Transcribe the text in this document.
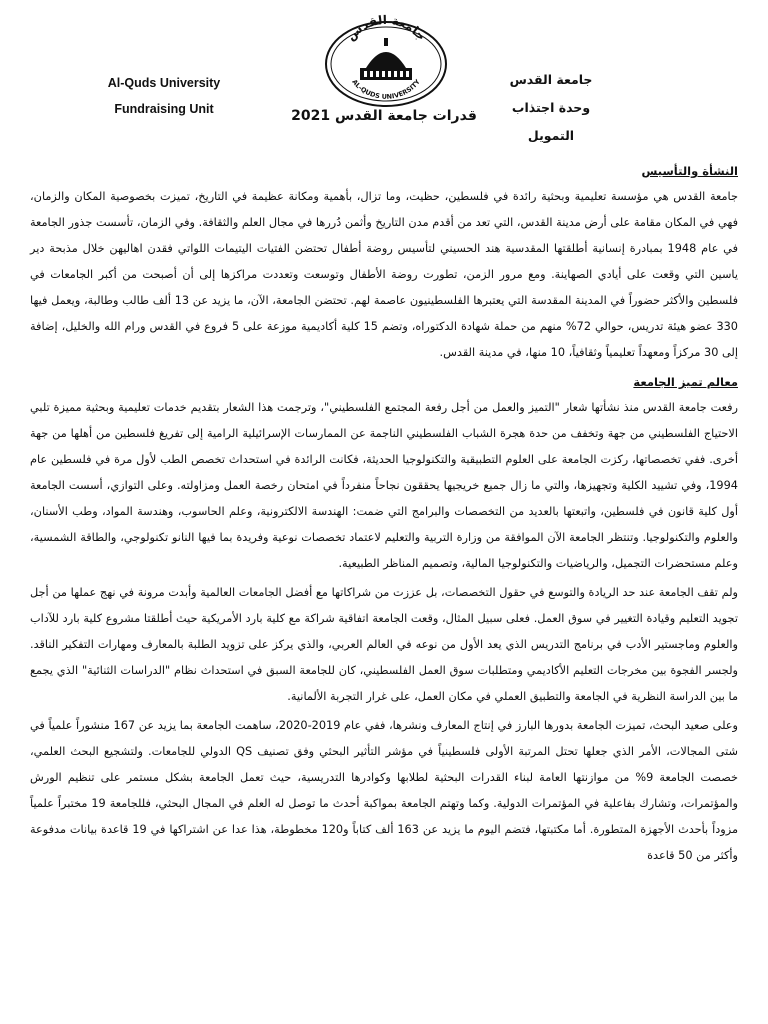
Al-Quds University
Fundraising Unit
جامعة القدس
AL-QUDS UNIVERSITY	جامعة القدس
وحدة اجتذاب التمويل
قدرات جامعة القدس 2021
النشأة والتأسيس

جامعة القدس هي مؤسسة تعليمية وبحثية رائدة في فلسطين، حظيت، وما تزال، بأهمية ومكانة عظيمة في التاريخ، تميزت بخصوصية المكان والزمان، فهي في المكان مقامة على أرض مدينة القدس، التي تعد من أقدم مدن التاريخ وأثمن دُررها في مجال العلم والثقافة. وفي الزمان، تأسست جذور الجامعة في عام 1948 بمبادرة إنسانية أطلقتها المقدسية هند الحسيني لتأسيس روضة أطفال تحتضن الفتيات اليتيمات اللواتي فقدن اهاليهن خلال مذبحة دير ياسين التي وقعت على أيادي الصهاينة. ومع مرور الزمن، تطورت روضة الأطفال وتوسعت وتعددت مراكزها إلى أن أصبحت من أكبر الجامعات في فلسطين والأكثر حضوراً في المدينة المقدسة التي يعتبرها الفلسطينيون عاصمة لهم. تحتضن الجامعة، الآن، ما يزيد عن 13 ألف طالب وطالبة، ويعمل فيها 330 عضو هيئة تدريس، حوالي 72% منهم من حملة شهادة الدكتوراه، وتضم 15 كلية أكاديمية موزعة على 5 فروع في القدس ورام الله والخليل، إضافة إلى 30 مركزاً ومعهداً تعليمياً وثقافياً، 10 منها، في مدينة القدس.

معالم تميز الجامعة

رفعت جامعة القدس منذ نشأتها شعار "التميز والعمل من أجل رفعة المجتمع الفلسطيني"، وترجمت هذا الشعار بتقديم خدمات تعليمية وبحثية مميزة تلبي الاحتياج الفلسطيني من جهة وتخفف من حدة هجرة الشباب الفلسطيني الناجمة عن الممارسات الإسرائيلية الرامية إلى تفريغ فلسطين من أهلها من جهة أخرى. ففي تخصصاتها، ركزت الجامعة على العلوم التطبيقية والتكنولوجيا الحديثة، فكانت الرائدة في استحداث تخصص الطب لأول مرة في فلسطين عام 1994، وفي تشييد الكلية وتجهيزها، والتي ما زال جميع خريجيها يحققون نجاحاً منفرداً في امتحان رخصة العمل ومزاولته. وعلى التوازي، أسست الجامعة أول كلية قانون في فلسطين، واتبعتها بالعديد من التخصصات والبرامج التي ضمت: الهندسة الالكترونية، وعلم الحاسوب، وهندسة المواد، وطب الأسنان، والعلوم والتكنولوجيا. وتنتظر الجامعة الآن الموافقة من وزارة التربية والتعليم لاعتماد تخصصات نوعية وفريدة بما فيها النانو تكنولوجي، والطاقة الشمسية، وعلم مستحضرات التجميل، والرياضيات والتكنولوجيا المالية، وتصميم المناظر الطبيعية.

ولم تقف الجامعة عند حد الريادة والتوسع في حقول التخصصات، بل عززت من شراكاتها مع أفضل الجامعات العالمية وأبدت مرونة في نهج عملها من أجل تجويد التعليم وقيادة التغيير في سوق العمل. فعلى سبيل المثال، وقعت الجامعة اتفاقية شراكة مع كلية بارد الأمريكية حيث أطلقتا مشروع كلية بارد للآداب والعلوم وماجستير الأدب في برنامج التدريس الذي يعد الأول من نوعه في العالم العربي، والذي يركز على تزويد الطلبة بالمعارف ومهارات التفكير الناقد. ولجسر الفجوة بين مخرجات التعليم الأكاديمي ومتطلبات سوق العمل الفلسطيني، كان للجامعة السبق في استحداث نظام "الدراسات الثنائية" الذي يجمع ما بين الدراسة النظرية في الجامعة والتطبيق العملي في مكان العمل، على غرار التجربة الألمانية.

وعلى صعيد البحث، تميزت الجامعة بدورها البارز في إنتاج المعارف ونشرها، ففي عام 2019-2020، ساهمت الجامعة بما يزيد عن 167 منشوراً علمياً في شتى المجالات، الأمر الذي جعلها تحتل المرتبة الأولى فلسطينياً في مؤشر التأثير البحثي وفق تصنيف QS الدولي للجامعات. ولتشجيع البحث العلمي، خصصت الجامعة 9% من موازنتها العامة لبناء القدرات البحثية لطلابها وكوادرها التدريسية، حيث تعمل الجامعة بشكل مستمر على تنظيم الورش والمؤتمرات، وتشارك بفاعلية في المؤتمرات الدولية. وكما وتهتم الجامعة بمواكبة أحدث ما توصل له العلم في المجال البحثي، فللجامعة 19 مختبراً علمياً مزوداً بأحدث الأجهزة المتطورة. أما مكتبتها، فتضم اليوم ما يزيد عن 163 ألف كتاباً و120 مخطوطة، هذا عدا عن اشتراكها في 19 قاعدة بيانات مدفوعة وأكثر من 50 قاعدة
